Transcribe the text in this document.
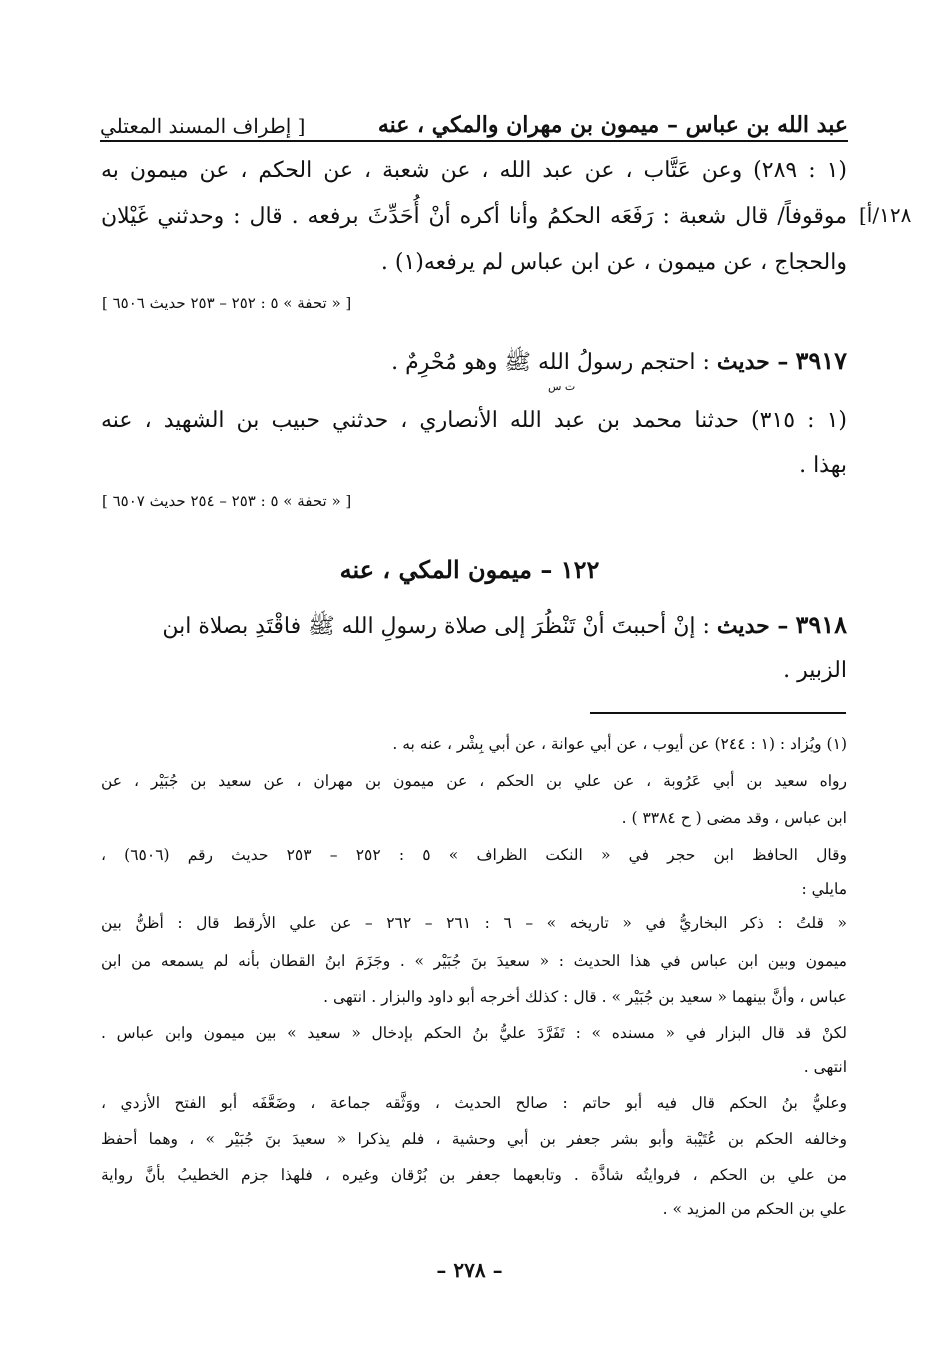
عبد الله بن عباس – ميمون بن مهران والمكي ، عنه
[ إطراف المسند المعتلي
١٢٨/أ]
(١ : ٢٨٩) وعن عَتَّاب ، عن عبد الله ، عن شعبة ، عن الحكم ، عن ميمون به
موقوفاً/ قال شعبة : رَفَعَه الحكمُ وأنا أكره أنْ أُحَدِّثَ برفعه . قال : وحدثني غَيْلان
والحجاج ، عن ميمون ، عن ابن عباس لم يرفعه(١) .
[ « تحفة » ٥ : ٢٥٢ – ٢٥٣ حديث ٦٥٠٦ ]
٣٩١٧ – حديث : احتجم رسولُ الله ﷺ وهو مُحْرِمٌ .
ت س
(١ : ٣١٥) حدثنا محمد بن عبد الله الأنصاري ، حدثني حبيب بن الشهيد ، عنه
بهذا .
[ « تحفة » ٥ : ٢٥٣ – ٢٥٤ حديث ٦٥٠٧ ]
١٢٢ – ميمون المكي ، عنه
٣٩١٨ – حديث : إنْ أحببتَ أنْ تَنْظُرَ إلى صلاة رسولِ الله ﷺ فاقْتَدِ بصلاة ابن
الزبير .
(١) ويُزاد : (١ : ٢٤٤) عن أيوب ، عن أبي عوانة ، عن أبي بِشْر ، عنه به .
رواه سعيد بن أبي عَرُوبة ، عن علي بن الحكم ، عن ميمون بن مهران ، عن سعيد بن جُبَيْر ، عن
ابن عباس ، وقد مضى ( ح ٣٣٨٤ ) .
وقال الحافظ ابن حجر في « النكت الظراف » ٥ : ٢٥٢ – ٢٥٣ حديث رقم (٦٥٠٦) ،
مايلي :
« قلتُ : ذكر البخاريُّ في « تاريخه » – ٦ : ٢٦١ – ٢٦٢ – عن علي الأرقط قال : أظنُّ بين
ميمون وبين ابن عباس في هذا الحديث : « سعيدَ بنَ جُبَيْر » . وجَزَمَ ابنُ القطان بأنه لم يسمعه من ابن
عباس ، وأنَّ بينهما « سعيد بن جُبَيْر » . قال : كذلك أخرجه أبو داود والبزار . انتهى .
لكنْ قد قال البزار في « مسنده » : تَفَرَّدَ عليُّ بنُ الحكم بإدخال « سعيد » بين ميمون وابن عباس .
انتهى .
وعليُّ بنُ الحكم قال فيه أبو حاتم : صالح الحديث ، ووَثَّقه جماعة ، وضَعَّفَه أبو الفتح الأزدي ،
وخالفه الحكم بن عُتَيْبة وأبو بشر جعفر بن أبي وحشية ، فلم يذكرا « سعيدَ بنَ جُبَيْر » ، وهما أحفظ
من علي بن الحكم ، فروايتُه شاذَّة . وتابعهما جعفر بن بُرْقان وغيره ، فلهذا جزم الخطيبُ بأنَّ رواية
علي بن الحكم من المزيد » .
– ٢٧٨ –
